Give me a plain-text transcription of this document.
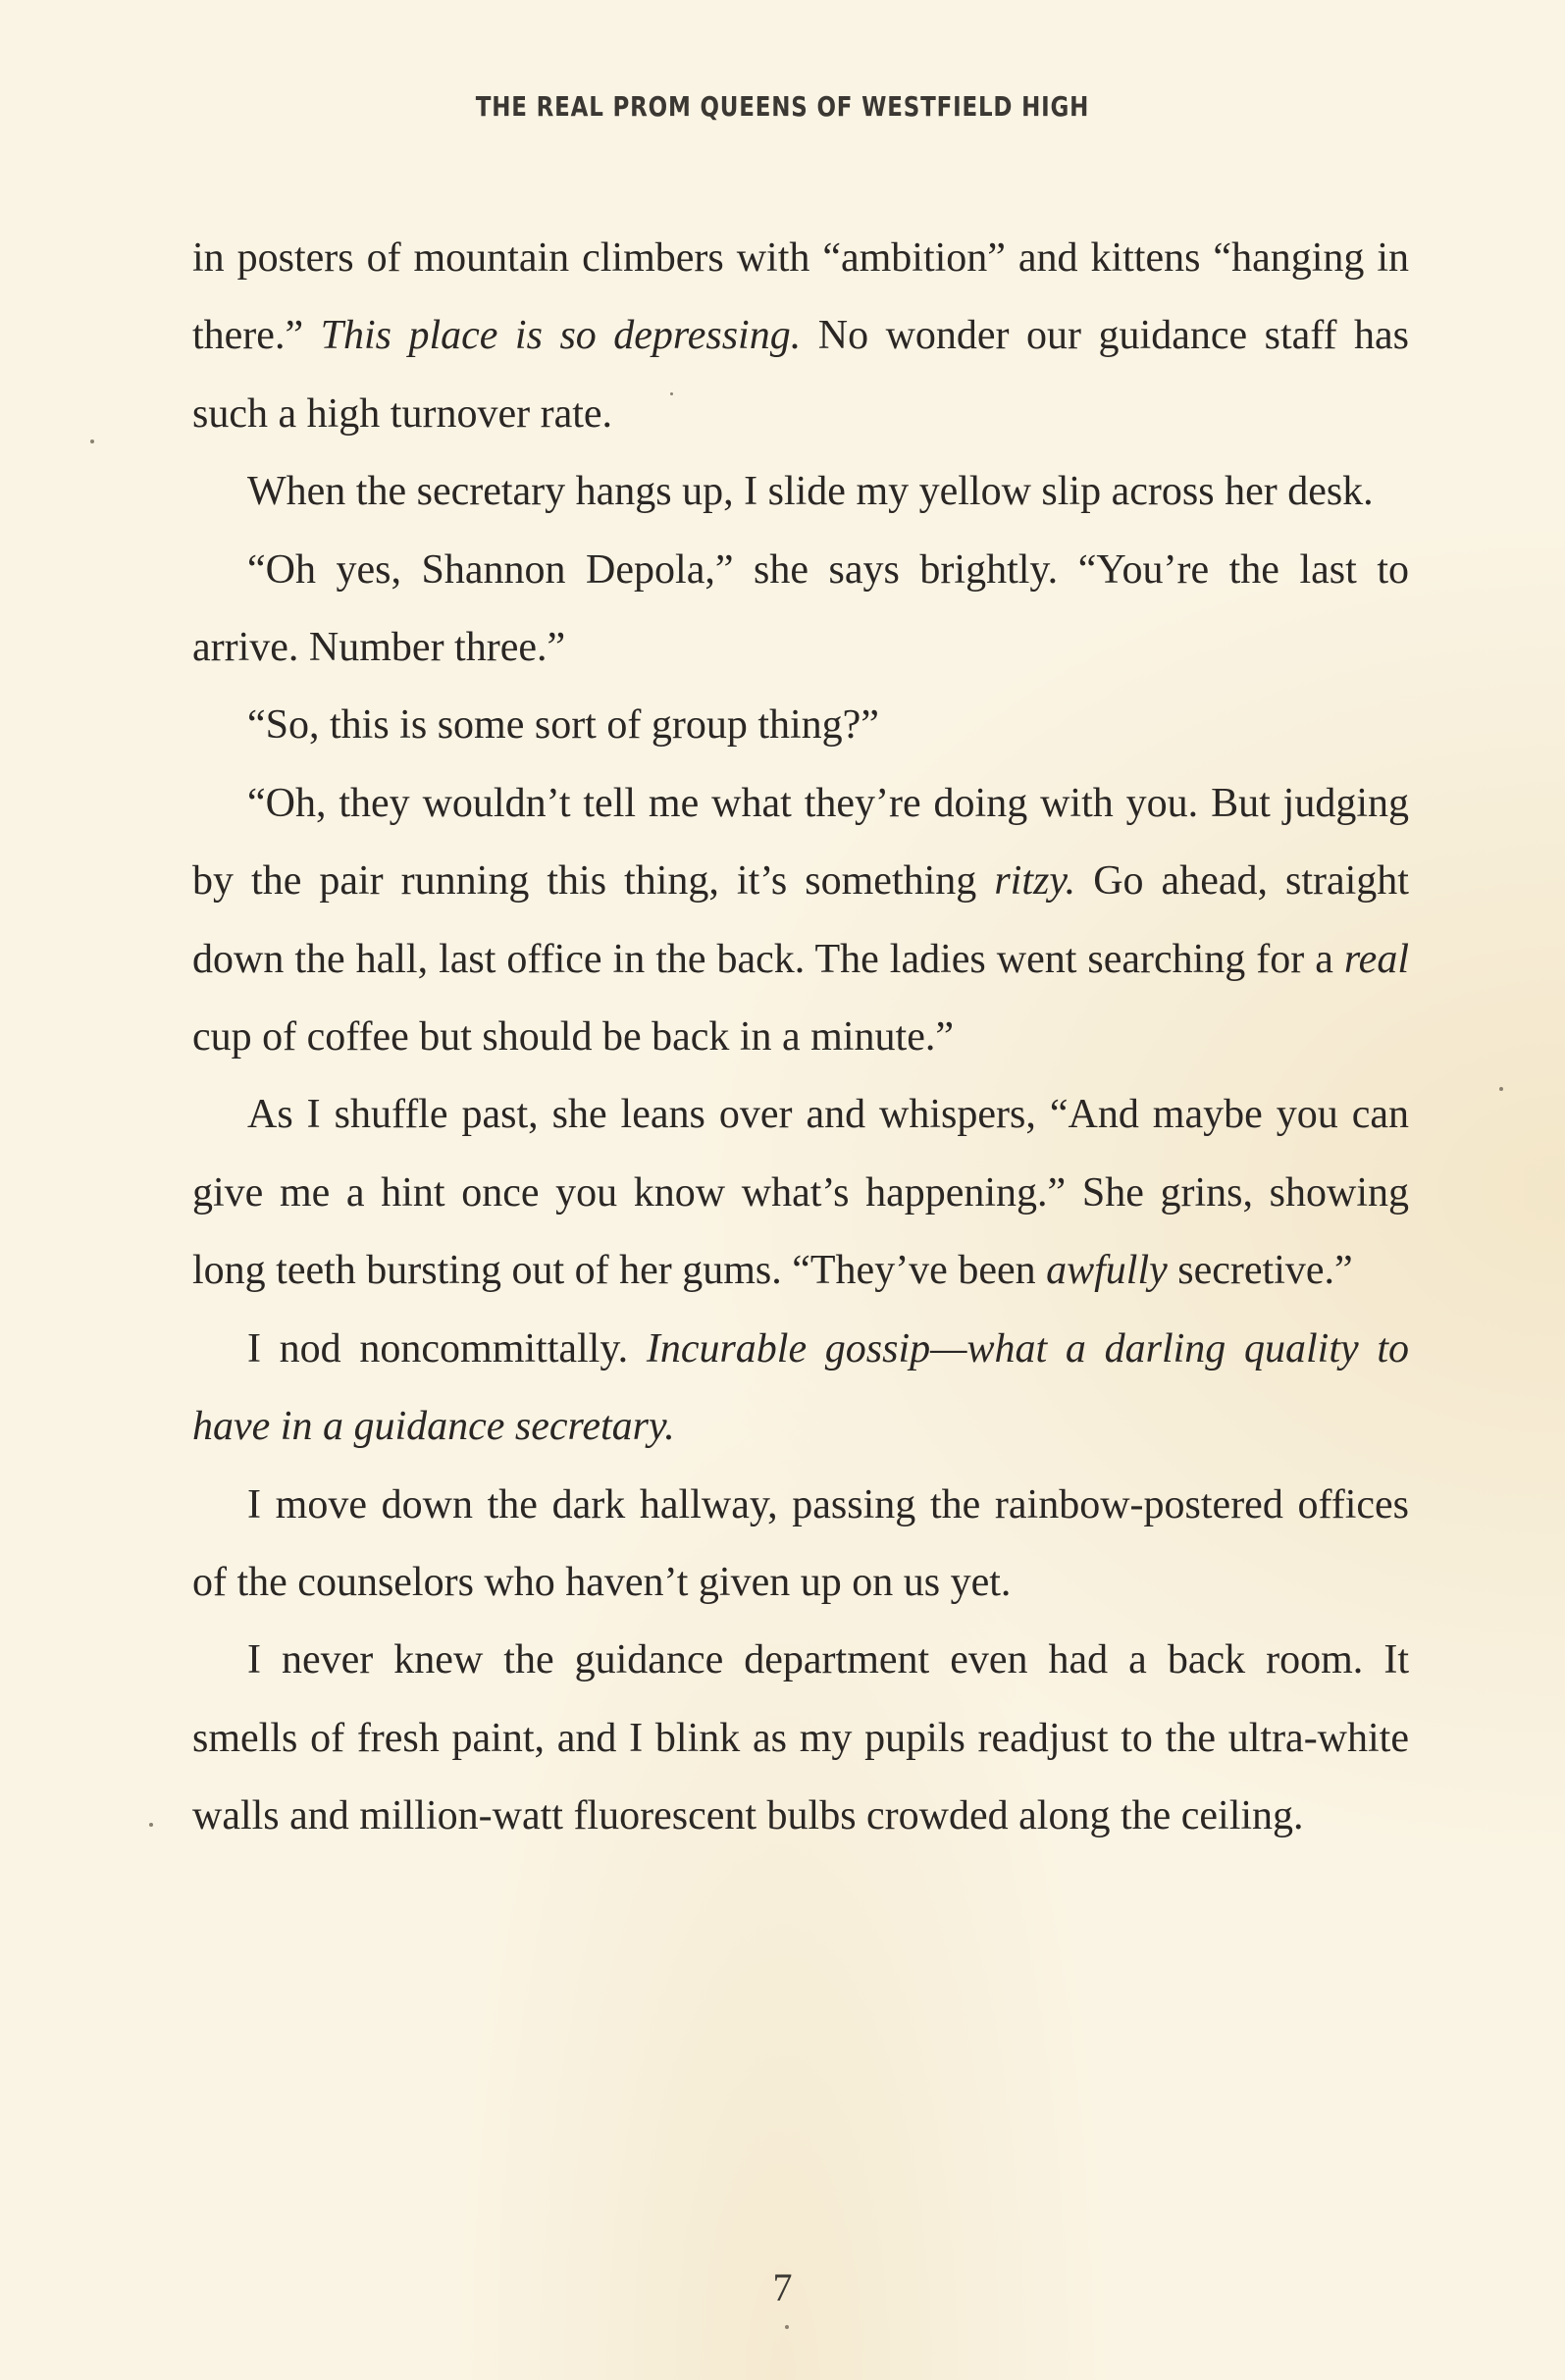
THE REAL PROM QUEENS OF WESTFIELD HIGH

in posters of mountain climbers with “ambition” and kittens “hanging in there.” This place is so depressing. No wonder our guidance staff has such a high turnover rate.

When the secretary hangs up, I slide my yellow slip across her desk.

“Oh yes, Shannon Depola,” she says brightly. “You’re the last to arrive. Number three.”

“So, this is some sort of group thing?”

“Oh, they wouldn’t tell me what they’re doing with you. But judging by the pair running this thing, it’s something ritzy. Go ahead, straight down the hall, last office in the back. The ladies went searching for a real cup of coffee but should be back in a minute.”

As I shuffle past, she leans over and whispers, “And maybe you can give me a hint once you know what’s happening.” She grins, showing long teeth bursting out of her gums. “They’ve been awfully secretive.”

I nod noncommittally. Incurable gossip—what a darling quality to have in a guidance secretary.

I move down the dark hallway, passing the rainbow-postered offices of the counselors who haven’t given up on us yet.

I never knew the guidance department even had a back room. It smells of fresh paint, and I blink as my pupils readjust to the ultra-white walls and million-watt fluorescent bulbs crowded along the ceiling.

7
